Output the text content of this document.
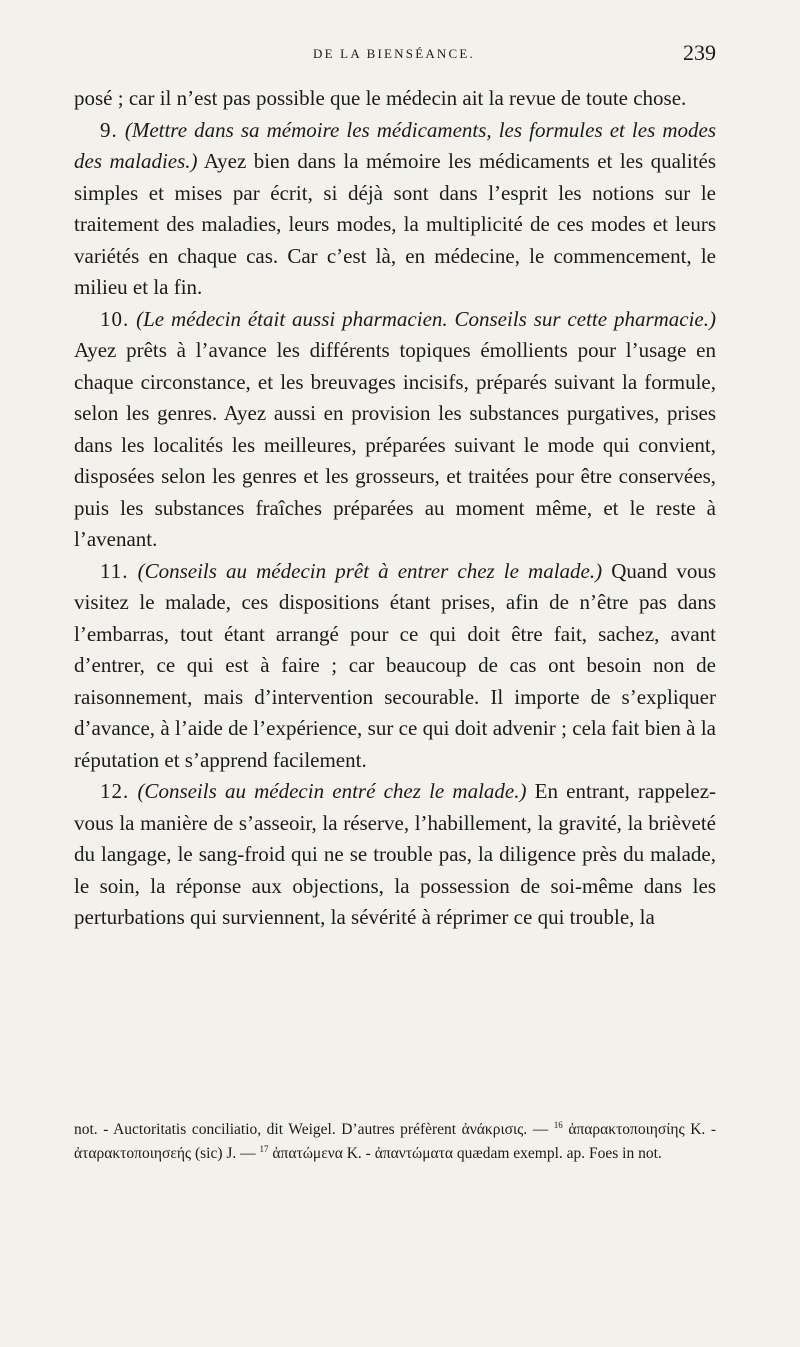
DE LA BIENSÉANCE.	239

posé ; car il n’est pas possible que le médecin ait la revue de toute chose.

9. (Mettre dans sa mémoire les médicaments, les formules et les modes des maladies.) Ayez bien dans la mémoire les médicaments et les qualités simples et mises par écrit, si déjà sont dans l’esprit les notions sur le traitement des maladies, leurs modes, la multiplicité de ces modes et leurs variétés en chaque cas. Car c’est là, en médecine, le commencement, le milieu et la fin.

10. (Le médecin était aussi pharmacien. Conseils sur cette pharmacie.) Ayez prêts à l’avance les différents topiques émollients pour l’usage en chaque circonstance, et les breuvages incisifs, préparés suivant la formule, selon les genres. Ayez aussi en provision les substances purgatives, prises dans les localités les meilleures, préparées suivant le mode qui convient, disposées selon les genres et les grosseurs, et traitées pour être conservées, puis les substances fraîches préparées au moment même, et le reste à l’avenant.

11. (Conseils au médecin prêt à entrer chez le malade.) Quand vous visitez le malade, ces dispositions étant prises, afin de n’être pas dans l’embarras, tout étant arrangé pour ce qui doit être fait, sachez, avant d’entrer, ce qui est à faire ; car beaucoup de cas ont besoin non de raisonnement, mais d’intervention secourable. Il importe de s’expliquer d’avance, à l’aide de l’expérience, sur ce qui doit advenir ; cela fait bien à la réputation et s’apprend facilement.

12. (Conseils au médecin entré chez le malade.) En entrant, rappelez-vous la manière de s’asseoir, la réserve, l’habillement, la gravité, la brièveté du langage, le sang-froid qui ne se trouble pas, la diligence près du malade, le soin, la réponse aux objections, la possession de soi-même dans les perturbations qui surviennent, la sévérité à réprimer ce qui trouble, la

not. - Auctoritatis conciliatio, dit Weigel. D’autres préfèrent ἀνάκρισις. — $^{16}$ ἀπαρακτοποιησίης K. - ἀταρακτοποιησεής (sic) J. — $^{17}$ ἀπατώμενα K. - ἀπαντώματα quædam exempl. ap. Foes in not.
